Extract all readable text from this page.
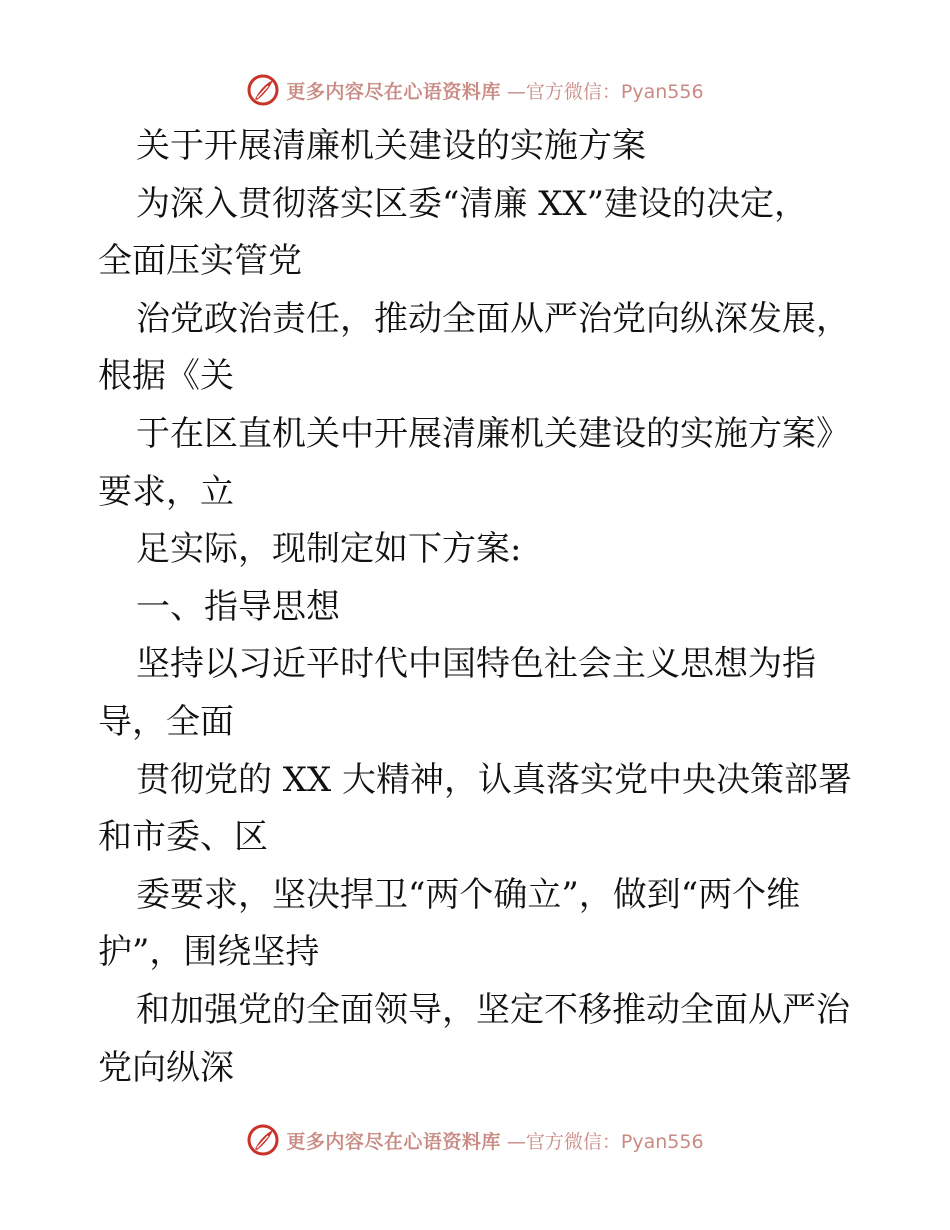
更多内容尽在心语资料库 —官方微信：Pyan556
关于开展清廉机关建设的实施方案
为深入贯彻落实区委“清廉 XX”建设的决定，
全面压实管党
治党政治责任，推动全面从严治党向纵深发展，
根据《关
于在区直机关中开展清廉机关建设的实施方案》
要求，立
足实际，现制定如下方案:
一、指导思想
坚持以习近平时代中国特色社会主义思想为指
导，全面
贯彻党的 XX 大精神，认真落实党中央决策部署
和市委、区
委要求，坚决捍卫“两个确立”，做到“两个维
护”，围绕坚持
和加强党的全面领导，坚定不移推动全面从严治
党向纵深
更多内容尽在心语资料库 —官方微信：Pyan556
